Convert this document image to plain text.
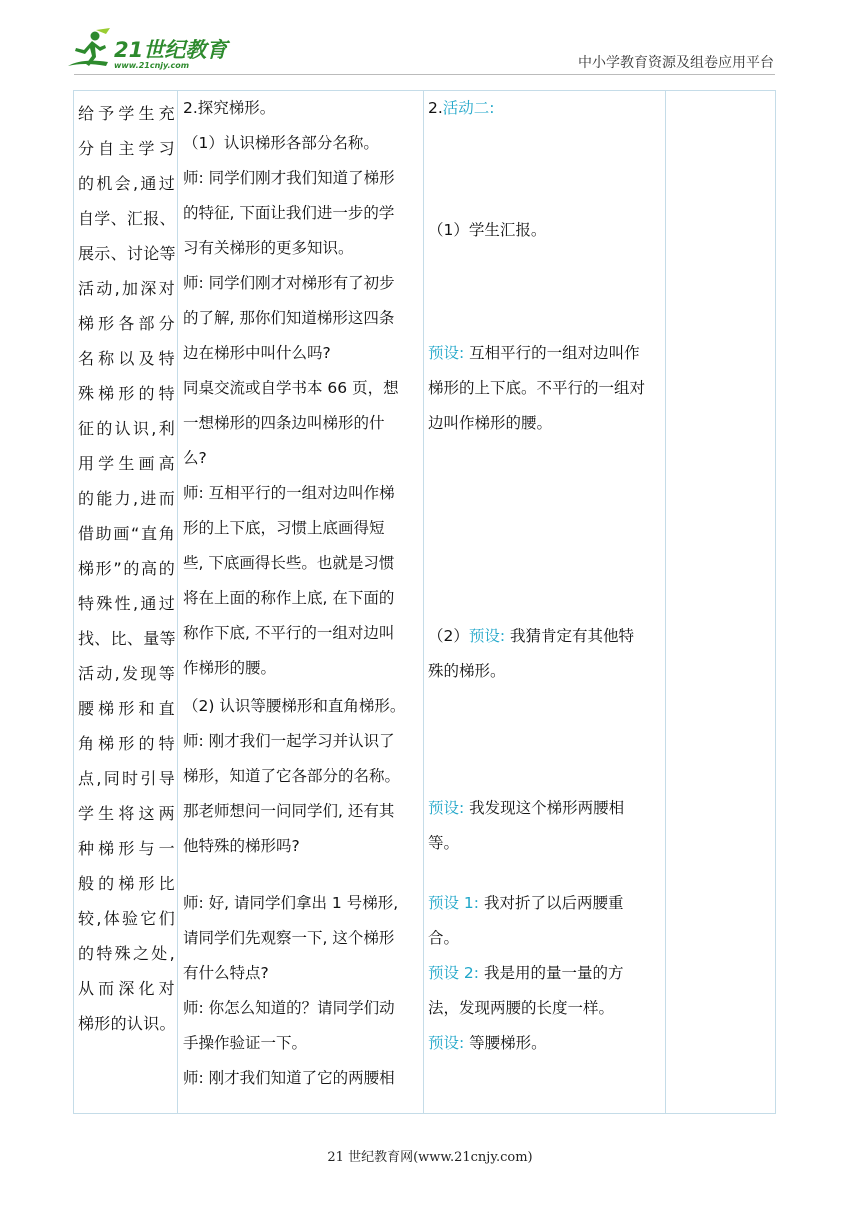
21世纪教育
www.21cnjy.com	中小学教育资源及组卷应用平台
给予学生充
分自主学习
的机会,通过
自学、汇报、
展示、讨论等
活动,加深对
梯形各部分
名称以及特
殊梯形的特
征的认识,利
用学生画高
的能力,进而
借助画“直角
梯形”的高的
特殊性,通过
找、比、量等
活动,发现等
腰梯形和直
角梯形的特
点,同时引导
学生将这两
种梯形与一
般的梯形比
较,体验它们
的特殊之处,
从而深化对
梯形的认识。

2.探究梯形。
（1）认识梯形各部分名称。
师: 同学们刚才我们知道了梯形
的特征, 下面让我们进一步的学
习有关梯形的更多知识。
师: 同学们刚才对梯形有了初步
的了解, 那你们知道梯形这四条
边在梯形中叫什么吗?
同桌交流或自学书本 66 页，想
一想梯形的四条边叫梯形的什
么?
师: 互相平行的一组对边叫作梯
形的上下底，习惯上底画得短
些, 下底画得长些。也就是习惯
将在上面的称作上底, 在下面的
称作下底, 不平行的一组对边叫
作梯形的腰。
（2) 认识等腰梯形和直角梯形。
师: 刚才我们一起学习并认识了
梯形，知道了它各部分的名称。
那老师想问一问同学们, 还有其
他特殊的梯形吗?
师: 好, 请同学们拿出 1 号梯形,
请同学们先观察一下, 这个梯形
有什么特点?
师: 你怎么知道的？请同学们动
手操作验证一下。
师: 刚才我们知道了它的两腰相

2.活动二:
（1）学生汇报。
预设: 互相平行的一组对边叫作
梯形的上下底。不平行的一组对
边叫作梯形的腰。
（2）预设: 我猜肯定有其他特
殊的梯形。
预设: 我发现这个梯形两腰相
等。
预设 1: 我对折了以后两腰重
合。
预设 2: 我是用的量一量的方
法，发现两腰的长度一样。
预设: 等腰梯形。

21 世纪教育网(www.21cnjy.com)
